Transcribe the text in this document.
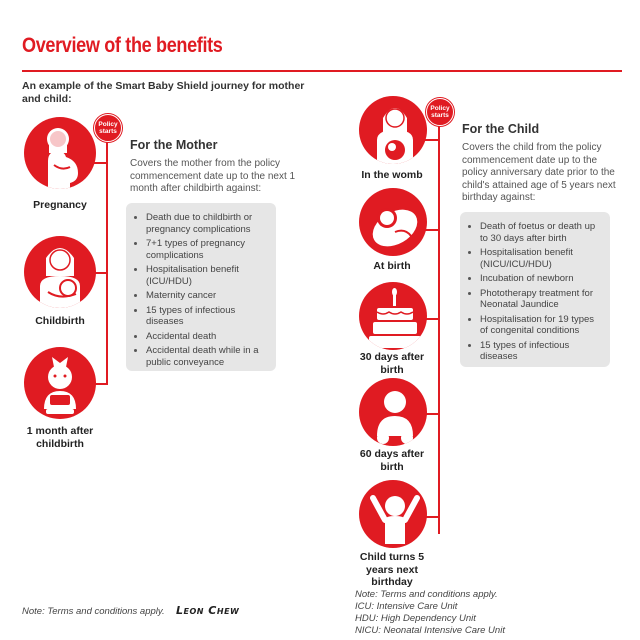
Overview of the benefits
An example of the Smart Baby Shield journey for mother and child:
Policy starts
Pregnancy
Childbirth
1 month after childbirth
For the Mother
Covers the mother from the policy commencement date up to the next 1 month after childbirth against:
• Death due to childbirth or pregnancy complications
• 7+1 types of pregnancy complications
• Hospitalisation benefit (ICU/HDU)
• Maternity cancer
• 15 types of infectious diseases
• Accidental death
• Accidental death while in a public conveyance
Policy starts
In the womb
At birth
30 days after birth
60 days after birth
Child turns 5 years next birthday
For the Child
Covers the child from the policy commencement date up to the policy anniversary date prior to the child's attained age of 5 years next birthday against:
• Death of foetus or death up to 30 days after birth
• Hospitalisation benefit (NICU/ICU/HDU)
• Incubation of newborn
• Phototherapy treatment for Neonatal Jaundice
• Hospitalisation for 19 types of congenital conditions
• 15 types of infectious diseases
Note: Terms and conditions apply. Leon Chew
Note: Terms and conditions apply.
ICU: Intensive Care Unit
HDU: High Dependency Unit
NICU: Neonatal Intensive Care Unit
